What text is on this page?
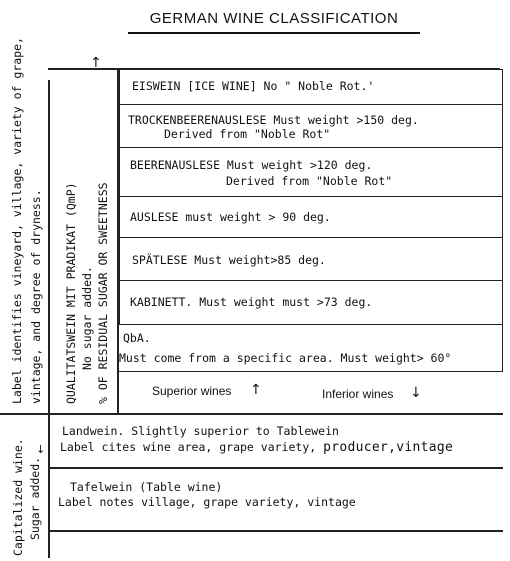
GERMAN WINE CLASSIFICATION
Label identifies vineyard, village, variety of grape, vintage, and degree of dryness. QUALITATSWEIN MIT PRADIKAT (QmP) No sugar added. % OF RESIDUAL SUGAR OR SWEETNESS
↑
EISWEIN [ICE WINE] No " Noble Rot.'
TROCKENBEERENAUSLESE Must weight >150 deg.
Derived from "Noble Rot"
BEERENAUSLESE Must weight >120 deg.
Derived from "Noble Rot"
AUSLESE must weight > 90 deg.
SPÄTLESE Must weight>85 deg.
KABINETT. Must weight must >73 deg.
QbA.
Must come from a specific area. Must weight> 60°
Superior wines ↑	Inferior wines ↓
Capitalized wine. Sugar added.
↓
Landwein. Slightly superior to Tablewein
Label cites wine area, grape variety, producer,vintage
Tafelwein (Table wine)
Label notes village, grape variety, vintage
